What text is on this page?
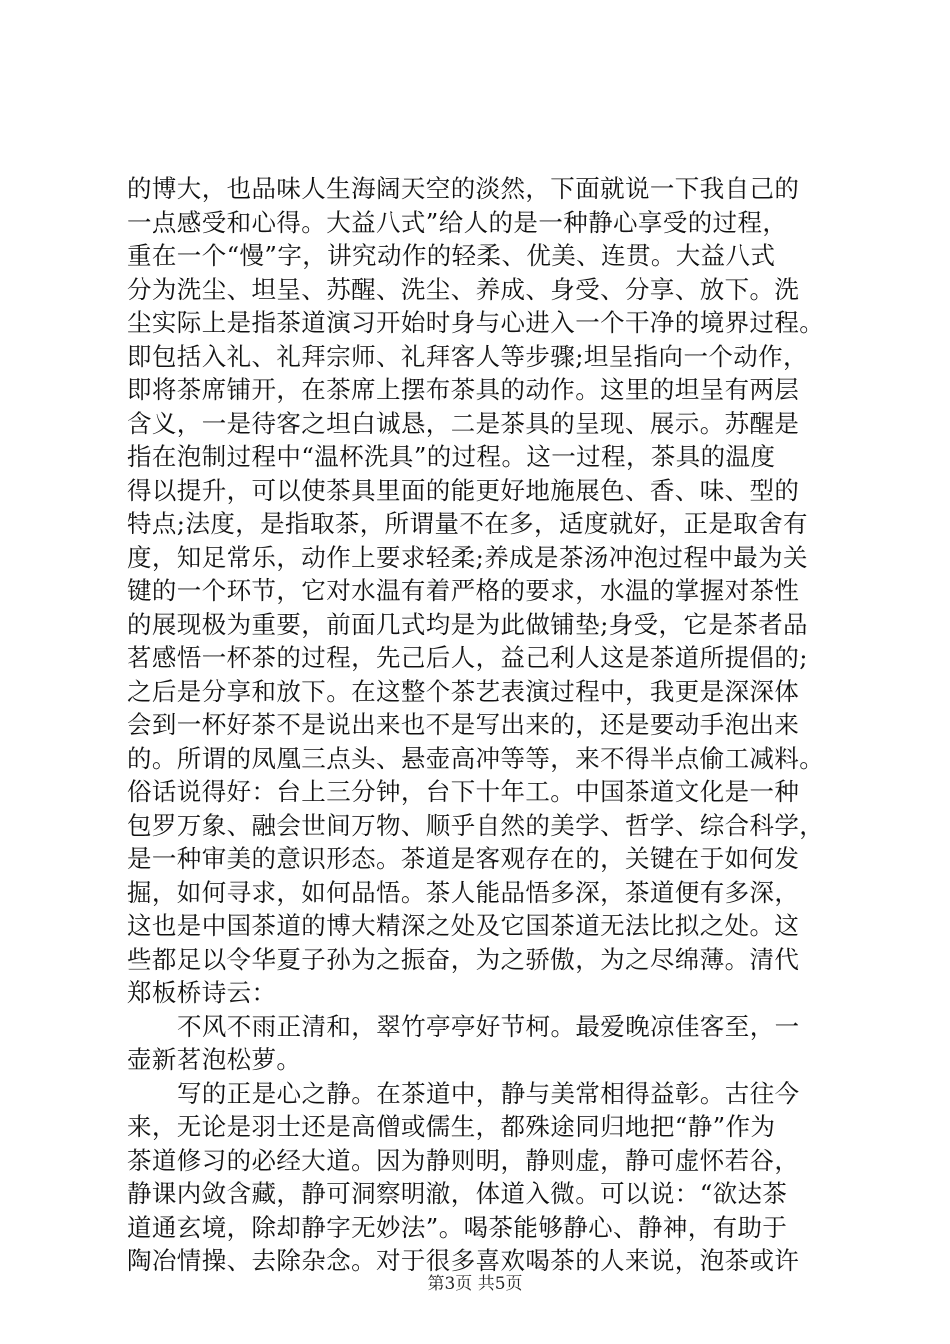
的博大，也品味人生海阔天空的淡然，下面就说一下我自己的
一点感受和心得。大益八式”给人的是一种静心享受的过程，
重在一个“慢”字，讲究动作的轻柔、优美、连贯。大益八式
分为洗尘、坦呈、苏醒、洗尘、养成、身受、分享、放下。洗
尘实际上是指茶道演习开始时身与心进入一个干净的境界过程。
即包括入礼、礼拜宗师、礼拜客人等步骤;坦呈指向一个动作，
即将茶席铺开，在茶席上摆布茶具的动作。这里的坦呈有两层
含义，一是待客之坦白诚恳，二是茶具的呈现、展示。苏醒是
指在泡制过程中“温杯洗具”的过程。这一过程，茶具的温度
得以提升，可以使茶具里面的能更好地施展色、香、味、型的
特点;法度，是指取茶，所谓量不在多，适度就好，正是取舍有
度，知足常乐，动作上要求轻柔;养成是茶汤冲泡过程中最为关
键的一个环节，它对水温有着严格的要求，水温的掌握对茶性
的展现极为重要，前面几式均是为此做铺垫;身受，它是茶者品
茗感悟一杯茶的过程，先己后人，益己利人这是茶道所提倡的;
之后是分享和放下。在这整个茶艺表演过程中，我更是深深体
会到一杯好茶不是说出来也不是写出来的，还是要动手泡出来
的。所谓的凤凰三点头、悬壶高冲等等，来不得半点偷工减料。
俗话说得好：台上三分钟，台下十年工。中国茶道文化是一种
包罗万象、融会世间万物、顺乎自然的美学、哲学、综合科学，
是一种审美的意识形态。茶道是客观存在的，关键在于如何发
掘，如何寻求，如何品悟。茶人能品悟多深，茶道便有多深，
这也是中国茶道的博大精深之处及它国茶道无法比拟之处。这
些都足以令华夏子孙为之振奋，为之骄傲，为之尽绵薄。清代
郑板桥诗云：
不风不雨正清和，翠竹亭亭好节柯。最爱晚凉佳客至，一
壶新茗泡松萝。
写的正是心之静。在茶道中，静与美常相得益彰。古往今
来，无论是羽士还是高僧或儒生，都殊途同归地把“静”作为
茶道修习的必经大道。因为静则明，静则虚，静可虚怀若谷，
静课内敛含藏，静可洞察明澈，体道入微。可以说：“欲达茶
道通玄境，除却静字无妙法”。喝茶能够静心、静神，有助于
陶冶情操、去除杂念。对于很多喜欢喝茶的人来说，泡茶或许
第3页 共5页
